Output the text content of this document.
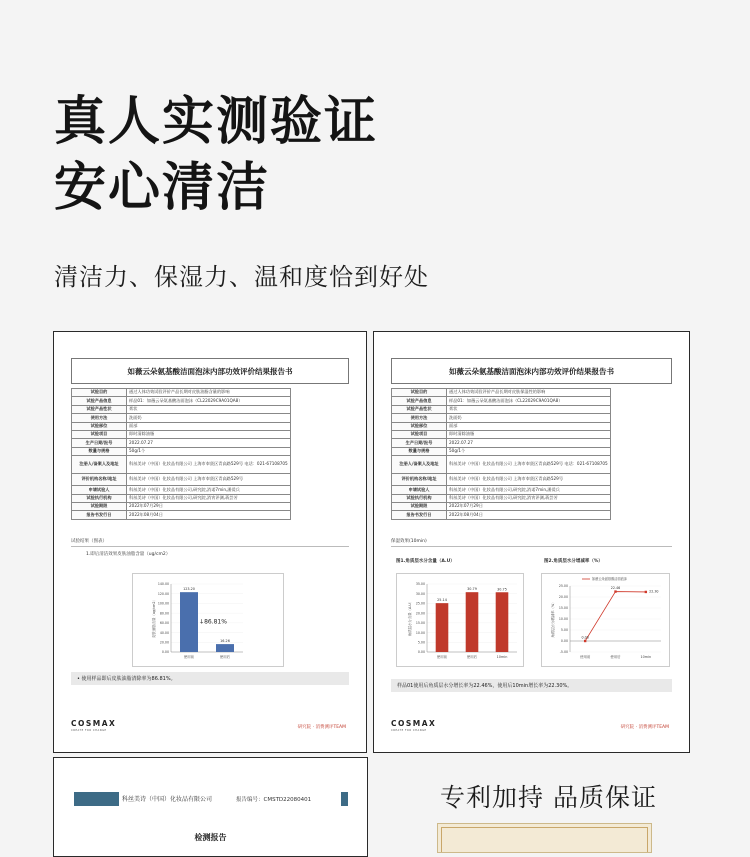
真人实测验证
安心清洁
清洁力、保湿力、温和度恰到好处
如薇云朵氨基酸洁面泡沫内部功效评价结果报告书
试验目的	通过人体功效试验评价产品长期对皮肤油脂含量的影响
试验产品信息	样品01：如薇云朵氨基酸洁面泡沫（CL22029C9A01QA8）
试验产品性状	膏状
使用方法	洗面奶
试验部位	面部
试验项目	即时清除油脂
生产日期/批号	2022.07.27
数量与规格	50g/1个
注册人/备案人及地址	科丝美诗（中国）化妆品有限公司 上海市奉贤区青高路529号 电话：021-67108705
评价机构名称/地址	科丝美诗（中国）化妆品有限公司 上海市奉贤区青高路529号
申请试验人	科丝美诗（中国）化妆品有限公司,研究院,消诺7min,潘爱兵
试验执行机构	科丝美诗（中国）化妆品有限公司,研究院,消宵评测,蒋芸芳
试验期限	2022年07月29日
报告书发行日	2022年08月04日
试验结果（图表）
1.即后清洁效果皮肤油脂含量（ug/cm2）
0.00
20.00
40.00
60.00
80.00
100.00
120.00
140.00
皮肤油脂含量（ug/cm2）
使用前	使用后
123.20
16.26
↓86.81%
• 使用样品即后皮肤油脂清除率为86.81%。
COSMAX
CREATE FOR CHANGE
研究院 · 消费测评TEAM
如薇云朵氨基酸洁面泡沫内部功效评价结果报告书
试验目的	通过人体功效试验评价产品长期对皮肤保湿性的影响
试验产品信息	样品01：如薇云朵氨基酸洁面泡沫（CL22029C9A01QA8）
试验产品性状	膏状
使用方法	洗面奶
试验部位	面部
试验项目	即时清除油脂
生产日期/批号	2022.07.27
数量与规格	50g/1个
注册人/备案人及地址	科丝美诗（中国）化妆品有限公司 上海市奉贤区青高路529号 电话：021-67108705
评价机构名称/地址	科丝美诗（中国）化妆品有限公司 上海市奉贤区青高路529号
申请试验人	科丝美诗（中国）化妆品有限公司,研究院,消诺7min,潘爱兵
试验执行机构	科丝美诗（中国）化妆品有限公司,研究院,消宵评测,蒋芸芳
试验期限	2022年07月29日
报告书发行日	2022年08月04日
保湿效果(10min)
图1.角质层水分含量（A.U）	图2.角质层水分增减率（%）
0.00
5.00
10.00
15.00
20.00
25.00
30.00
35.00
角质层水分含量（A.U）
使用前	使用后	10min
25.14
30.79	30.75
-5.00
0.00
5.00
10.00
15.00
20.00
25.00
角质层水分增减率（%）
使用前	使用后	10min
0.00
22.46
22.30
如薇云朵氨基酸洁面泡沫
样品01使用后角质层水分增长率为22.46%，使用后10min增长率为22.30%。
COSMAX
CREATE FOR CHANGE
研究院 · 消费测评TEAM
科丝美诗（中国）化妆品有限公司	报告编号：CMSTD22080401
检测报告
专利加持 品质保证
